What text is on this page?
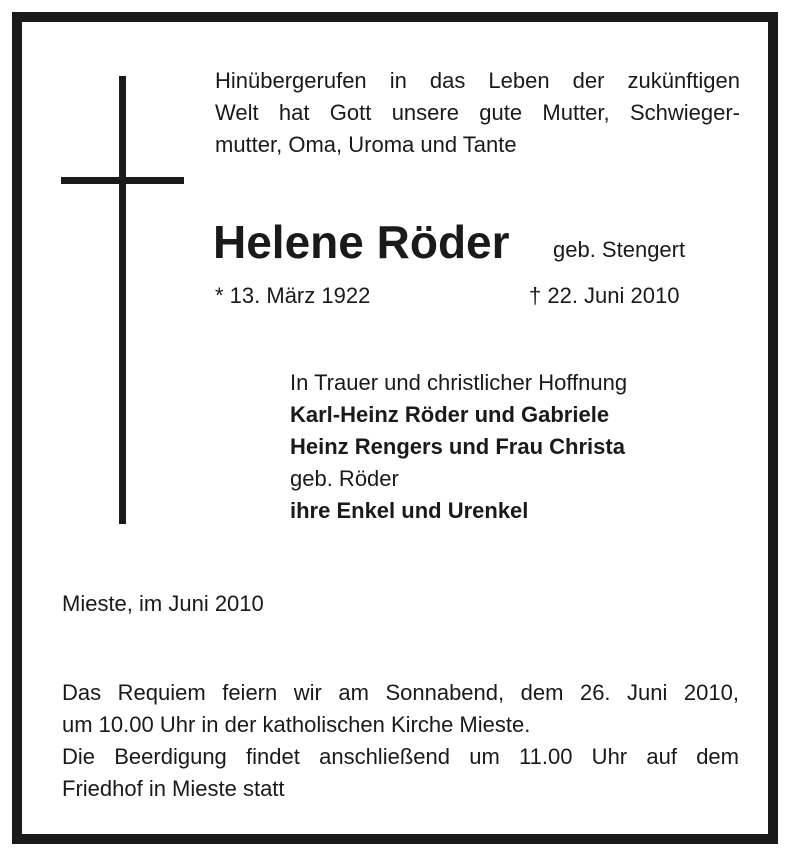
Hinübergerufen in das Leben der zukünftigen
Welt hat Gott unsere gute Mutter, Schwieger-
mutter, Oma, Uroma und Tante
Helene Röder geb. Stengert
* 13. März 1922	† 22. Juni 2010
In Trauer und christlicher Hoffnung
Karl-Heinz Röder und Gabriele
Heinz Rengers und Frau Christa
geb. Röder
ihre Enkel und Urenkel
Mieste, im Juni 2010
Das Requiem feiern wir am Sonnabend, dem 26. Juni 2010,
um 10.00 Uhr in der katholischen Kirche Mieste.
Die Beerdigung findet anschließend um 11.00 Uhr auf dem
Friedhof in Mieste statt
